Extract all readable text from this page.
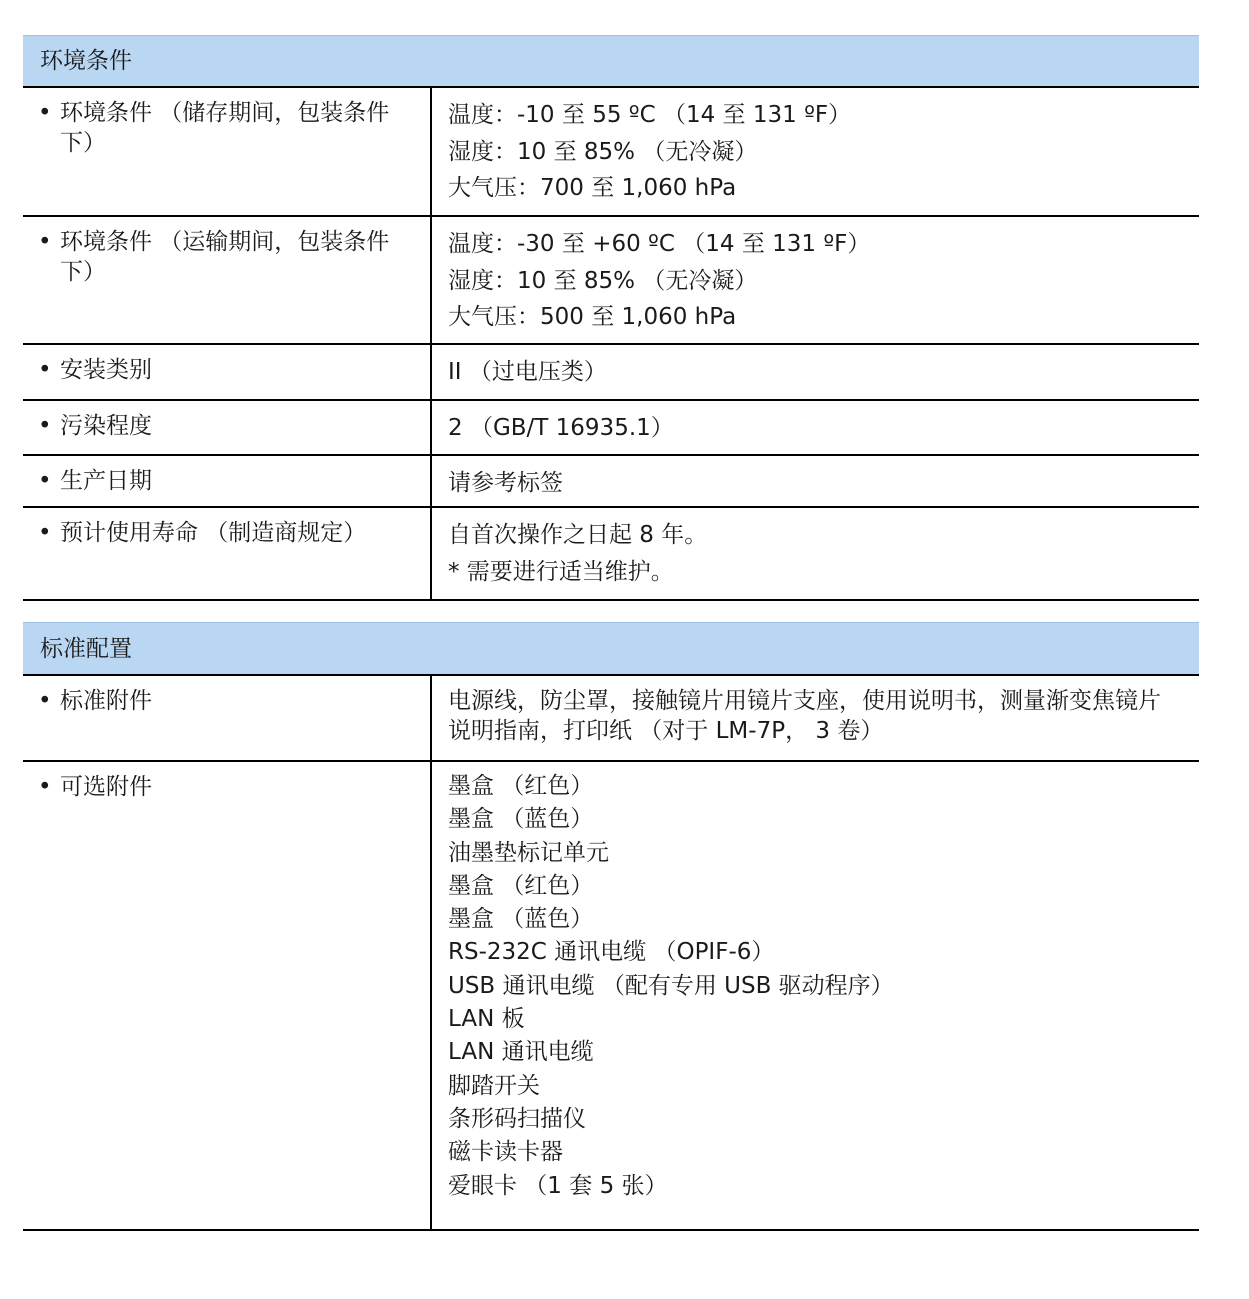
环境条件
• 环境条件 （储存期间，包装条件下）
温度：-10 至 55 ºC （14 至 131 ºF）
湿度：10 至 85% （无冷凝）
大气压：700 至 1,060 hPa
• 环境条件 （运输期间，包装条件下）
温度：-30 至 +60 ºC （14 至 131 ºF）
湿度：10 至 85% （无冷凝）
大气压：500 至 1,060 hPa
• 安装类别	II （过电压类）
• 污染程度	2 （GB/T 16935.1）
• 生产日期	请参考标签
• 预计使用寿命 （制造商规定）	自首次操作之日起 8 年。
* 需要进行适当维护。
标准配置
• 标准附件	电源线，防尘罩，接触镜片用镜片支座，使用说明书，测量渐变焦镜片说明指南，打印纸 （对于 LM-7P， 3 卷）
• 可选附件	墨盒 （红色）
墨盒 （蓝色）
油墨垫标记单元
墨盒 （红色）
墨盒 （蓝色）
RS-232C 通讯电缆 （OPIF-6）
USB 通讯电缆 （配有专用 USB 驱动程序）
LAN 板
LAN 通讯电缆
脚踏开关
条形码扫描仪
磁卡读卡器
爱眼卡 （1 套 5 张）
